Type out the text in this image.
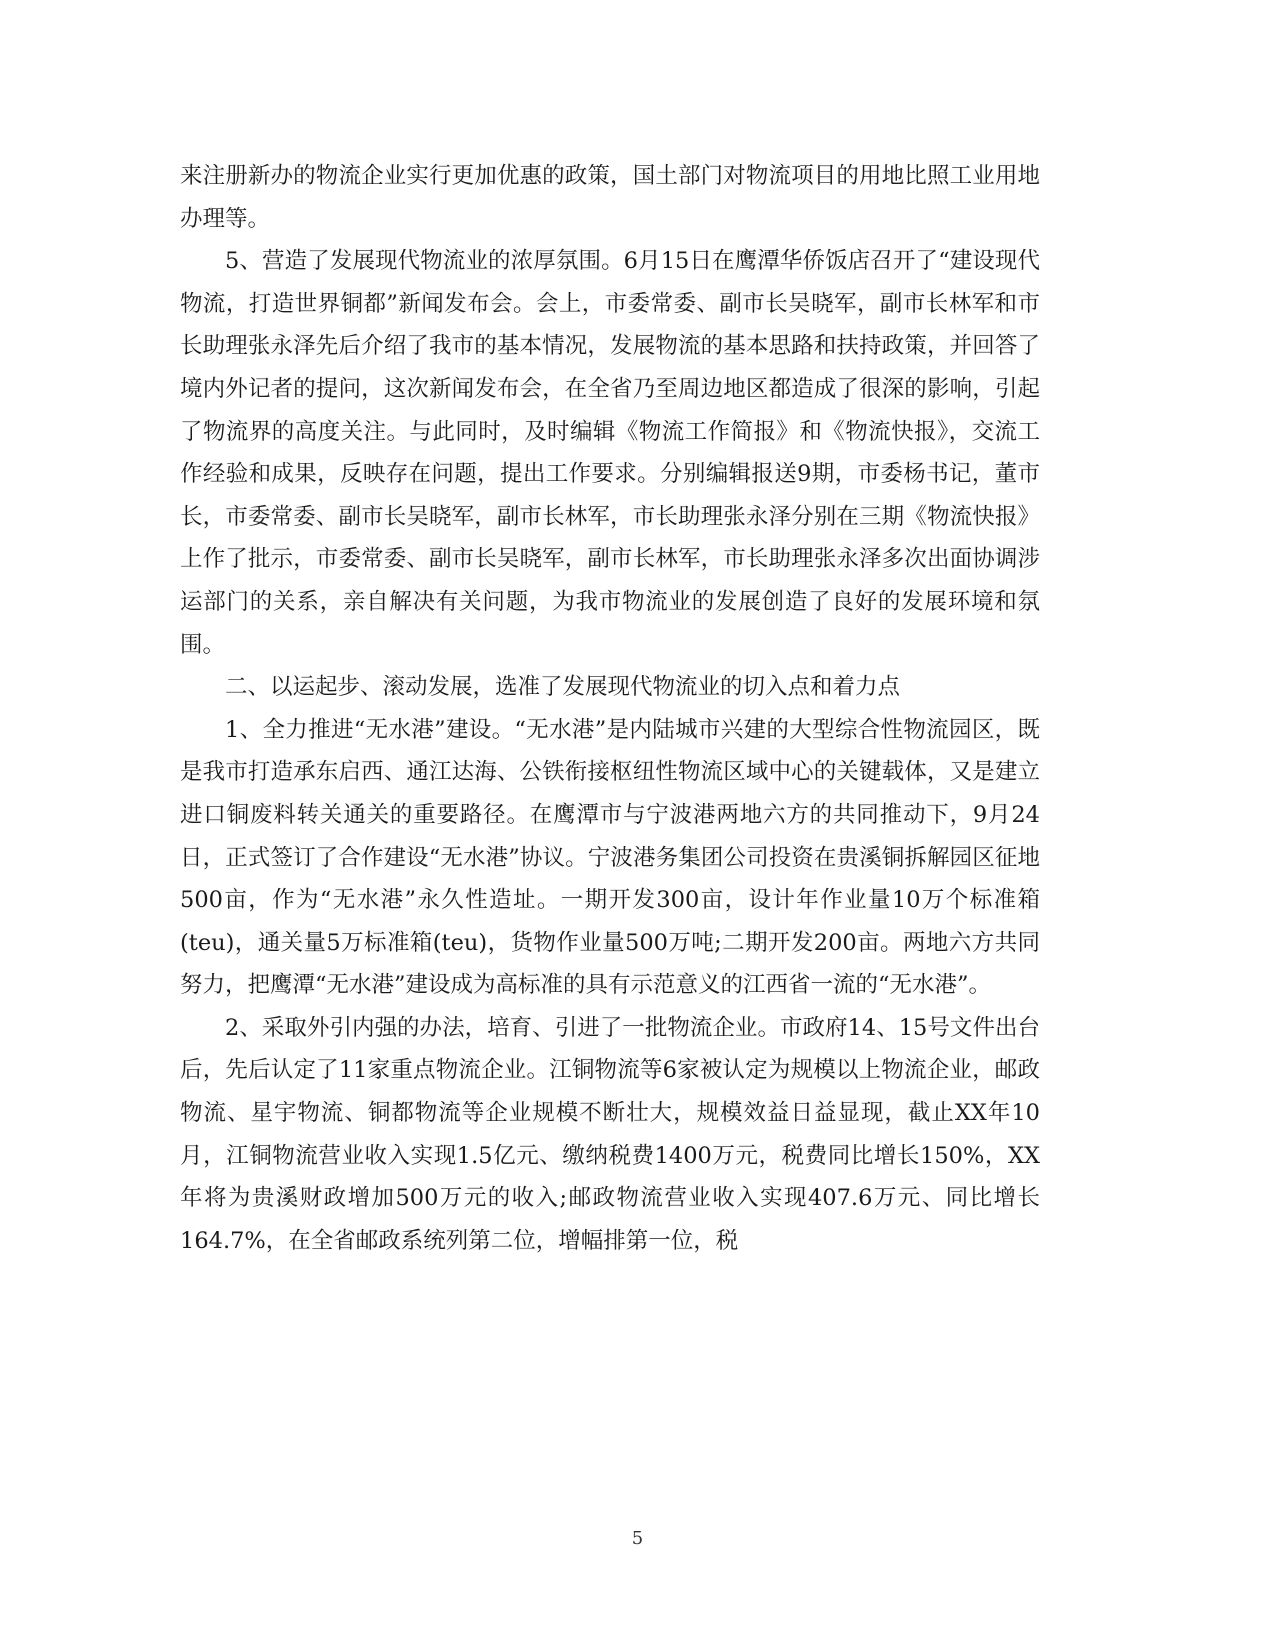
来注册新办的物流企业实行更加优惠的政策，国土部门对物流项目的用地比照工业用地办理等。

5、营造了发展现代物流业的浓厚氛围。6月15日在鹰潭华侨饭店召开了“建设现代物流，打造世界铜都”新闻发布会。会上，市委常委、副市长吴晓军，副市长林军和市长助理张永泽先后介绍了我市的基本情况，发展物流的基本思路和扶持政策，并回答了境内外记者的提问，这次新闻发布会，在全省乃至周边地区都造成了很深的影响，引起了物流界的高度关注。与此同时，及时编辑《物流工作简报》和《物流快报》，交流工作经验和成果，反映存在问题，提出工作要求。分别编辑报送9期，市委杨书记，董市长，市委常委、副市长吴晓军，副市长林军，市长助理张永泽分别在三期《物流快报》上作了批示，市委常委、副市长吴晓军，副市长林军，市长助理张永泽多次出面协调涉运部门的关系，亲自解决有关问题，为我市物流业的发展创造了良好的发展环境和氛围。

二、以运起步、滚动发展，选准了发展现代物流业的切入点和着力点

1、全力推进“无水港”建设。“无水港”是内陆城市兴建的大型综合性物流园区，既是我市打造承东启西、通江达海、公铁衔接枢纽性物流区域中心的关键载体，又是建立进口铜废料转关通关的重要路径。在鹰潭市与宁波港两地六方的共同推动下，9月24日，正式签订了合作建设“无水港”协议。宁波港务集团公司投资在贵溪铜拆解园区征地500亩，作为“无水港”永久性造址。一期开发300亩，设计年作业量10万个标准箱(teu)，通关量5万标准箱(teu)，货物作业量500万吨;二期开发200亩。两地六方共同努力，把鹰潭“无水港”建设成为高标准的具有示范意义的江西省一流的“无水港”。

2、采取外引内强的办法，培育、引进了一批物流企业。市政府14、15号文件出台后，先后认定了11家重点物流企业。江铜物流等6家被认定为规模以上物流企业，邮政物流、星宇物流、铜都物流等企业规模不断壮大，规模效益日益显现，截止XX年10月，江铜物流营业收入实现1.5亿元、缴纳税费1400万元，税费同比增长150%，XX年将为贵溪财政增加500万元的收入;邮政物流营业收入实现407.6万元、同比增长164.7%，在全省邮政系统列第二位，增幅排第一位，税

5
